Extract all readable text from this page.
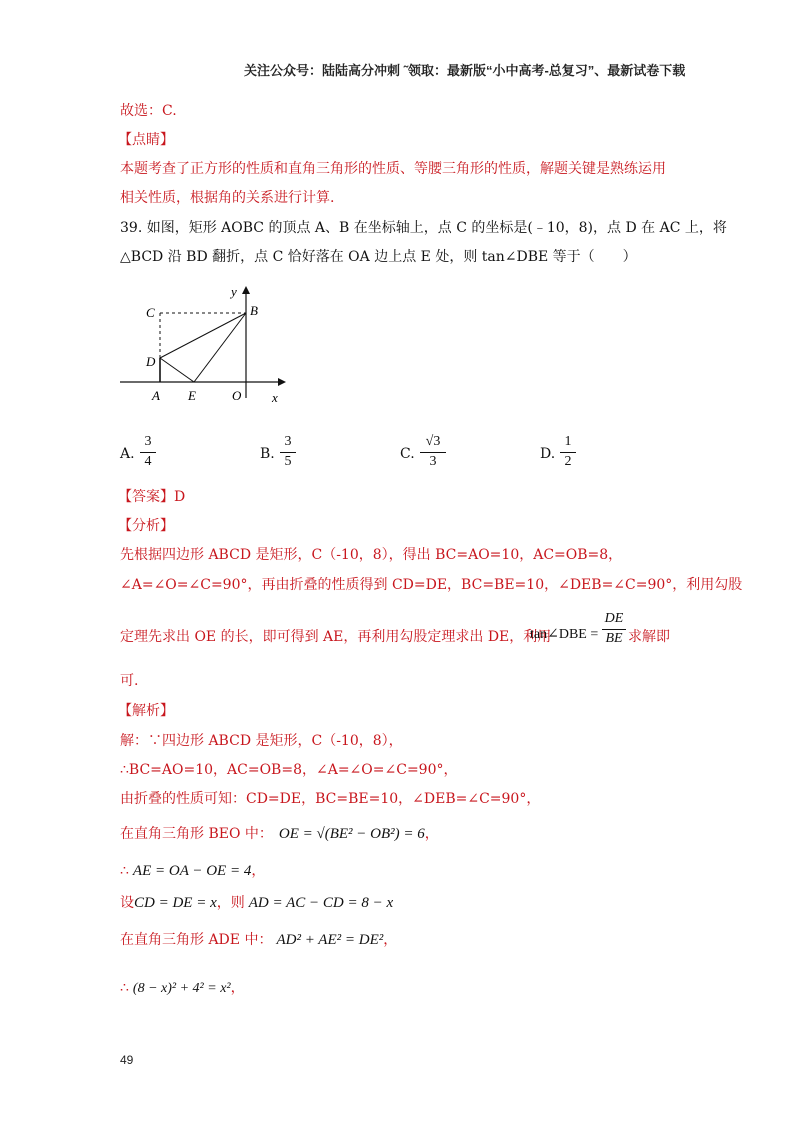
关注公众号：陆陆高分冲刺 ˜领取：最新版“小中高考-总复习”、最新试卷下载
故选：C.
【点睛】
本题考查了正方形的性质和直角三角形的性质、等腰三角形的性质，解题关键是熟练运用
相关性质，根据角的关系进行计算.
39. 如图，矩形 AOBC 的顶点 A、B 在坐标轴上，点 C 的坐标是(﹣10，8)，点 D 在 AC 上，将
△BCD 沿 BD 翻折，点 C 恰好落在 OA 边上点 E 处，则 tan∠DBE 等于（　　）
y
C	B
D
A E	O x
A.
3
4	B.
3
5	C.
√3
3	D.
1
2
【答案】D
【分析】
先根据四边形 ABCD 是矩形，C（-10，8），得出 BC=AO=10，AC=OB=8，
∠A=∠O=∠C=90°，再由折叠的性质得到 CD=DE，BC=BE=10，∠DEB=∠C=90°，利用勾股
定理先求出 OE 的长，即可得到 AE，再利用勾股定理求出 DE，利用
tan∠DBE =
DE
BE 求解即
可.
【解析】
解：∵四边形 ABCD 是矩形，C（-10，8），
∴BC=AO=10，AC=OB=8，∠A=∠O=∠C=90°，
由折叠的性质可知：CD=DE，BC=BE=10，∠DEB=∠C=90°，
在直角三角形 BEO 中： OE = √(BE² − OB²) = 6，
∴ AE = OA − OE = 4，
设CD = DE = x，则 AD = AC − CD = 8 − x
在直角三角形 ADE 中： AD² + AE² = DE²，
∴ (8 − x)² + 4² = x²，
49
